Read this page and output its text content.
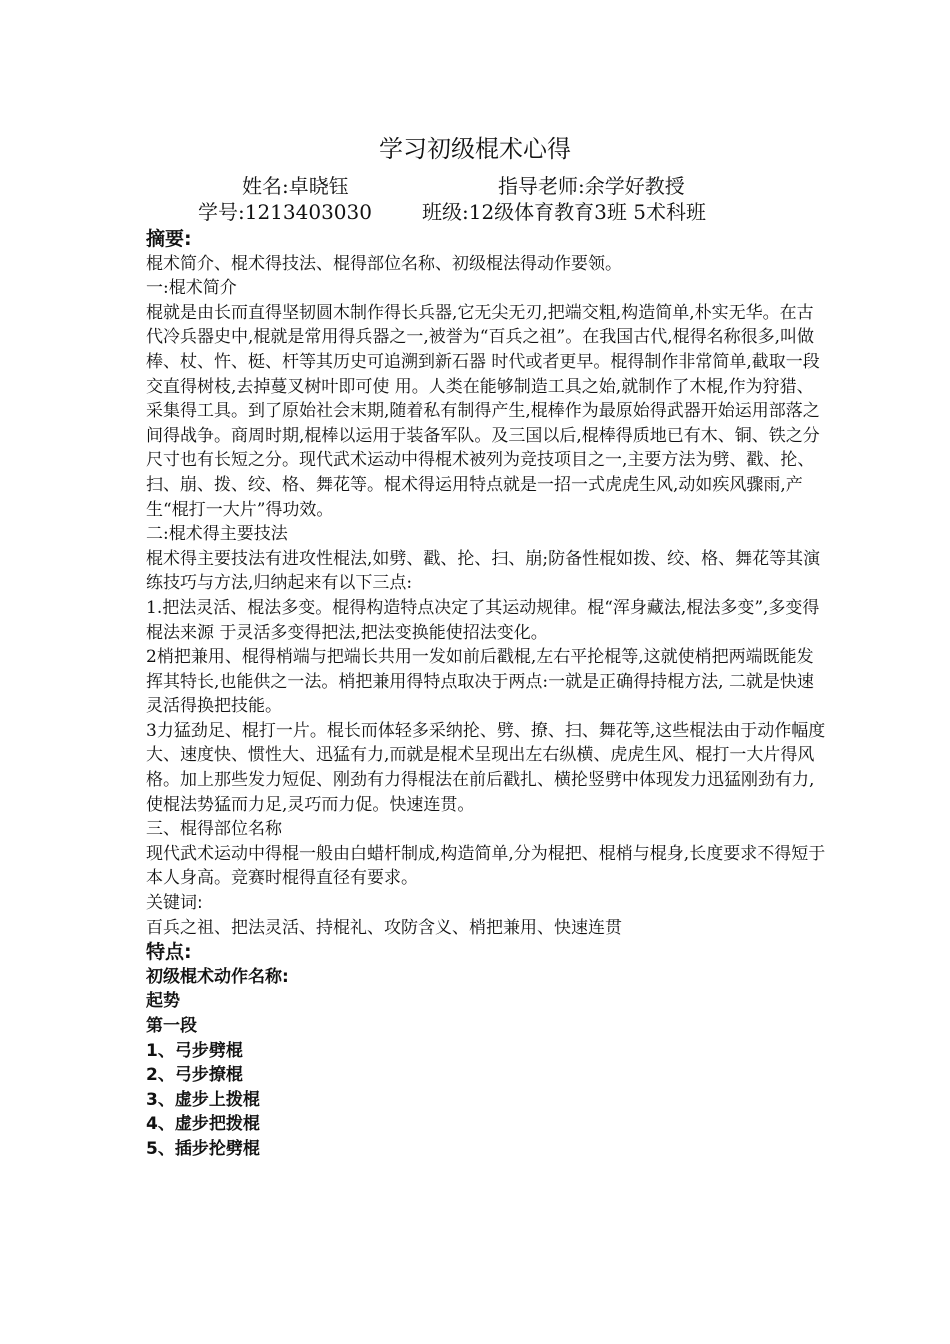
学习初级棍术心得
姓名:卓晓钰	指导老师:余学好教授
学号:1213403030	班级:12级体育教育3班 5术科班

摘要:

棍术简介、棍术得技法、棍得部位名称、初级棍法得动作要领。

一:棍术简介

棍就是由长而直得坚韧圆木制作得长兵器,它无尖无刃,把端交粗,构造简单,朴实无华。在古代冷兵器史中,棍就是常用得兵器之一,被誉为“百兵之祖”。在我国古代,棍得名称很多,叫做棒、杖、忤、梃、杆等其历史可追溯到新石器 时代或者更早。棍得制作非常简单,截取一段交直得树枝,去掉蔓叉树叶即可使 用。人类在能够制造工具之始,就制作了木棍,作为狩猎、采集得工具。到了原始社会末期,随着私有制得产生,棍棒作为最原始得武器开始运用部落之间得战争。商周时期,棍棒以运用于装备军队。及三国以后,棍棒得质地已有木、铜、铁之分尺寸也有长短之分。现代武术运动中得棍术被列为竞技项目之一,主要方法为劈、戳、抡、扫、崩、拨、绞、格、舞花等。棍术得运用特点就是一招一式虎虎生风,动如疾风骤雨,产生“棍打一大片”得功效。

二:棍术得主要技法

棍术得主要技法有进攻性棍法,如劈、戳、抡、扫、崩;防备性棍如拨、绞、格、舞花等其演练技巧与方法,归纳起来有以下三点:

1.把法灵活、棍法多变。棍得构造特点决定了其运动规律。棍“浑身藏法,棍法多变”,多变得棍法来源 于灵活多变得把法,把法变换能使招法变化。

2梢把兼用、棍得梢端与把端长共用一发如前后戳棍,左右平抡棍等,这就使梢把两端既能发挥其特长,也能供之一法。梢把兼用得特点取决于两点:一就是正确得持棍方法, 二就是快速灵活得换把技能。

3力猛劲足、棍打一片。棍长而体轻多采纳抡、劈、撩、扫、舞花等,这些棍法由于动作幅度大、速度快、惯性大、迅猛有力,而就是棍术呈现出左右纵横、虎虎生风、棍打一大片得风格。加上那些发力短促、刚劲有力得棍法在前后戳扎、横抡竖劈中体现发力迅猛刚劲有力,使棍法势猛而力足,灵巧而力促。快速连贯。

三、棍得部位名称

现代武术运动中得棍一般由白蜡杆制成,构造简单,分为棍把、棍梢与棍身,长度要求不得短于本人身高。竞赛时棍得直径有要求。

关键词:

百兵之祖、把法灵活、持棍礼、攻防含义、梢把兼用、快速连贯

特点:

初级棍术动作名称:

起势

第一段

1、弓步劈棍

2、弓步撩棍

3、虚步上拨棍

4、虚步把拨棍

5、插步抡劈棍
